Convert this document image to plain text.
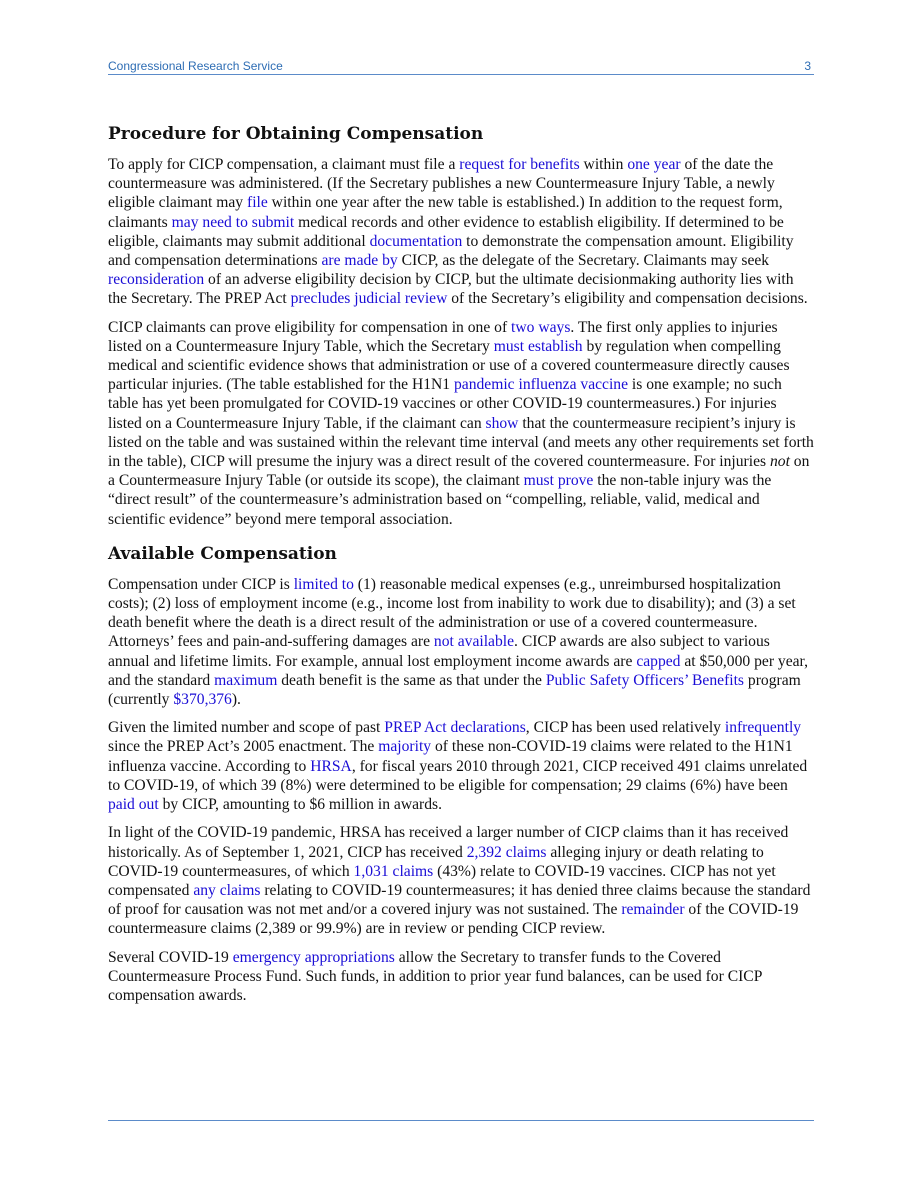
Congressional Research Service	3
Procedure for Obtaining Compensation

To apply for CICP compensation, a claimant must file a request for benefits within one year of the date the countermeasure was administered. (If the Secretary publishes a new Countermeasure Injury Table, a newly eligible claimant may file within one year after the new table is established.) In addition to the request form, claimants may need to submit medical records and other evidence to establish eligibility. If determined to be eligible, claimants may submit additional documentation to demonstrate the compensation amount. Eligibility and compensation determinations are made by CICP, as the delegate of the Secretary. Claimants may seek reconsideration of an adverse eligibility decision by CICP, but the ultimate decisionmaking authority lies with the Secretary. The PREP Act precludes judicial review of the Secretary’s eligibility and compensation decisions.

CICP claimants can prove eligibility for compensation in one of two ways. The first only applies to injuries listed on a Countermeasure Injury Table, which the Secretary must establish by regulation when compelling medical and scientific evidence shows that administration or use of a covered countermeasure directly causes particular injuries. (The table established for the H1N1 pandemic influenza vaccine is one example; no such table has yet been promulgated for COVID-19 vaccines or other COVID-19 countermeasures.) For injuries listed on a Countermeasure Injury Table, if the claimant can show that the countermeasure recipient’s injury is listed on the table and was sustained within the relevant time interval (and meets any other requirements set forth in the table), CICP will presume the injury was a direct result of the covered countermeasure. For injuries not on a Countermeasure Injury Table (or outside its scope), the claimant must prove the non-table injury was the “direct result” of the countermeasure’s administration based on “compelling, reliable, valid, medical and scientific evidence” beyond mere temporal association.

Available Compensation

Compensation under CICP is limited to (1) reasonable medical expenses (e.g., unreimbursed hospitalization costs); (2) loss of employment income (e.g., income lost from inability to work due to disability); and (3) a set death benefit where the death is a direct result of the administration or use of a covered countermeasure. Attorneys’ fees and pain-and-suffering damages are not available. CICP awards are also subject to various annual and lifetime limits. For example, annual lost employment income awards are capped at $50,000 per year, and the standard maximum death benefit is the same as that under the Public Safety Officers’ Benefits program (currently $370,376).

Given the limited number and scope of past PREP Act declarations, CICP has been used relatively infrequently since the PREP Act’s 2005 enactment. The majority of these non-COVID-19 claims were related to the H1N1 influenza vaccine. According to HRSA, for fiscal years 2010 through 2021, CICP received 491 claims unrelated to COVID-19, of which 39 (8%) were determined to be eligible for compensation; 29 claims (6%) have been paid out by CICP, amounting to $6 million in awards.

In light of the COVID-19 pandemic, HRSA has received a larger number of CICP claims than it has received historically. As of September 1, 2021, CICP has received 2,392 claims alleging injury or death relating to COVID-19 countermeasures, of which 1,031 claims (43%) relate to COVID-19 vaccines. CICP has not yet compensated any claims relating to COVID-19 countermeasures; it has denied three claims because the standard of proof for causation was not met and/or a covered injury was not sustained. The remainder of the COVID-19 countermeasure claims (2,389 or 99.9%) are in review or pending CICP review.

Several COVID-19 emergency appropriations allow the Secretary to transfer funds to the Covered Countermeasure Process Fund. Such funds, in addition to prior year fund balances, can be used for CICP compensation awards.
